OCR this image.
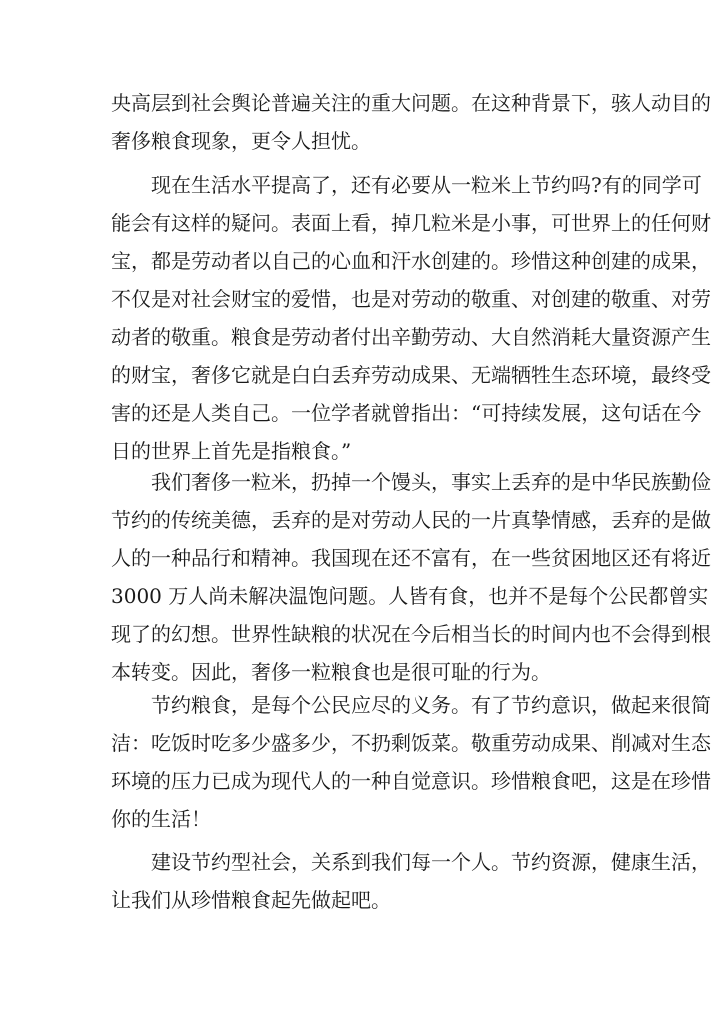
央高层到社会舆论普遍关注的重大问题。在这种背景下，骇人动目的
奢侈粮食现象，更令人担忧。
　　现在生活水平提高了，还有必要从一粒米上节约吗?有的同学可
能会有这样的疑问。表面上看，掉几粒米是小事，可世界上的任何财
宝，都是劳动者以自己的心血和汗水创建的。珍惜这种创建的成果，
不仅是对社会财宝的爱惜，也是对劳动的敬重、对创建的敬重、对劳
动者的敬重。粮食是劳动者付出辛勤劳动、大自然消耗大量资源产生
的财宝，奢侈它就是白白丢弃劳动成果、无端牺牲生态环境，最终受
害的还是人类自己。一位学者就曾指出：“可持续发展，这句话在今
日的世界上首先是指粮食。”
　　我们奢侈一粒米，扔掉一个馒头，事实上丢弃的是中华民族勤俭
节约的传统美德，丢弃的是对劳动人民的一片真挚情感，丢弃的是做
人的一种品行和精神。我国现在还不富有，在一些贫困地区还有将近
3000 万人尚未解决温饱问题。人皆有食，也并不是每个公民都曾实
现了的幻想。世界性缺粮的状况在今后相当长的时间内也不会得到根
本转变。因此，奢侈一粒粮食也是很可耻的行为。
　　节约粮食，是每个公民应尽的义务。有了节约意识，做起来很简
洁：吃饭时吃多少盛多少，不扔剩饭菜。敬重劳动成果、削减对生态
环境的压力已成为现代人的一种自觉意识。珍惜粮食吧，这是在珍惜
你的生活！
　　建设节约型社会，关系到我们每一个人。节约资源，健康生活，
让我们从珍惜粮食起先做起吧。
